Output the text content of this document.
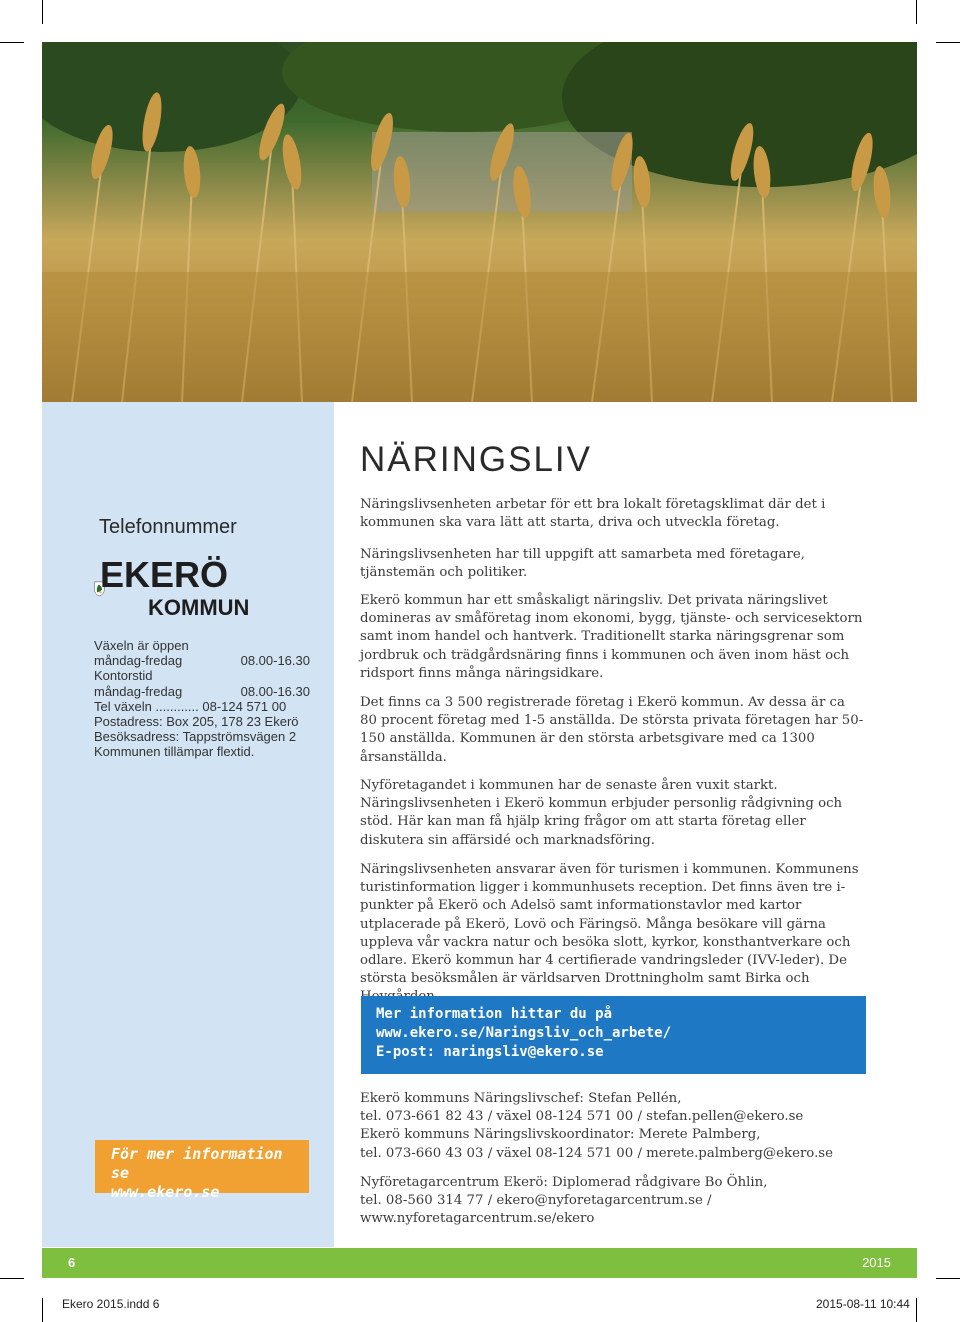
Telefonnummer
EKERÖ
KOMMUN
Växeln är öppen
måndag-fredag	08.00-16.30
Kontorstid
måndag-fredag	08.00-16.30
Tel växeln ............ 08-124 571 00
Postadress: Box 205, 178 23 Ekerö
Besöksadress: Tappströmsvägen 2
Kommunen tillämpar flextid.
För mer information se
www.ekero.se
NÄRINGSLIV
Näringslivsenheten arbetar för ett bra lokalt företagsklimat där det i kommunen ska vara lätt att starta, driva och utveckla företag.
Näringslivsenheten har till uppgift att samarbeta med företagare, tjänstemän och politiker.
Ekerö kommun har ett småskaligt näringsliv. Det privata näringslivet domineras av småföretag inom ekonomi, bygg, tjänste- och servicesektorn samt inom handel och hantverk. Traditionellt starka näringsgrenar som jordbruk och trädgårdsnäring finns i kommunen och även inom häst och ridsport finns många näringsidkare.
Det finns ca 3 500 registrerade företag i Ekerö kommun. Av dessa är ca 80 procent företag med 1-5 anställda. De största privata företagen har 50-150 anställda. Kommunen är den största arbetsgivare med ca 1300 årsanställda.
Nyföretagandet i kommunen har de senaste åren vuxit starkt. Näringslivsenheten i Ekerö kommun erbjuder personlig rådgivning och stöd. Här kan man få hjälp kring frågor om att starta företag eller diskutera sin affärsidé och marknadsföring.
Näringslivsenheten ansvarar även för turismen i kommunen. Kommunens turistinformation ligger i kommunhusets reception. Det finns även tre i-punkter på Ekerö och Adelsö samt informationstavlor med kartor utplacerade på Ekerö, Lovö och Färingsö. Många besökare vill gärna uppleva vår vackra natur och besöka slott, kyrkor, konsthantverkare och odlare. Ekerö kommun har 4 certifierade vandringsleder (IVV-leder). De största besöksmålen är världsarven Drottningholm samt Birka och
Mer information hittar du på
www.ekero.se/Naringsliv_och_arbete/
E-post: naringsliv@ekero.se
Ekerö kommuns Näringslivschef: Stefan Pellén,
tel. 073-661 82 43 / växel 08-124 571 00 / stefan.pellen@ekero.se
Ekerö kommuns Näringslivskoordinator: Merete Palmberg,
tel. 073-660 43 03 / växel 08-124 571 00 / merete.palmberg@ekero.se
Nyföretagarcentrum Ekerö: Diplomerad rådgivare Bo Öhlin,
tel. 08-560 314 77 / ekero@nyforetagarcentrum.se /
www.nyforetagarcentrum.se/ekero
6	2015
Ekero 2015.indd 6	2015-08-11 10:44
